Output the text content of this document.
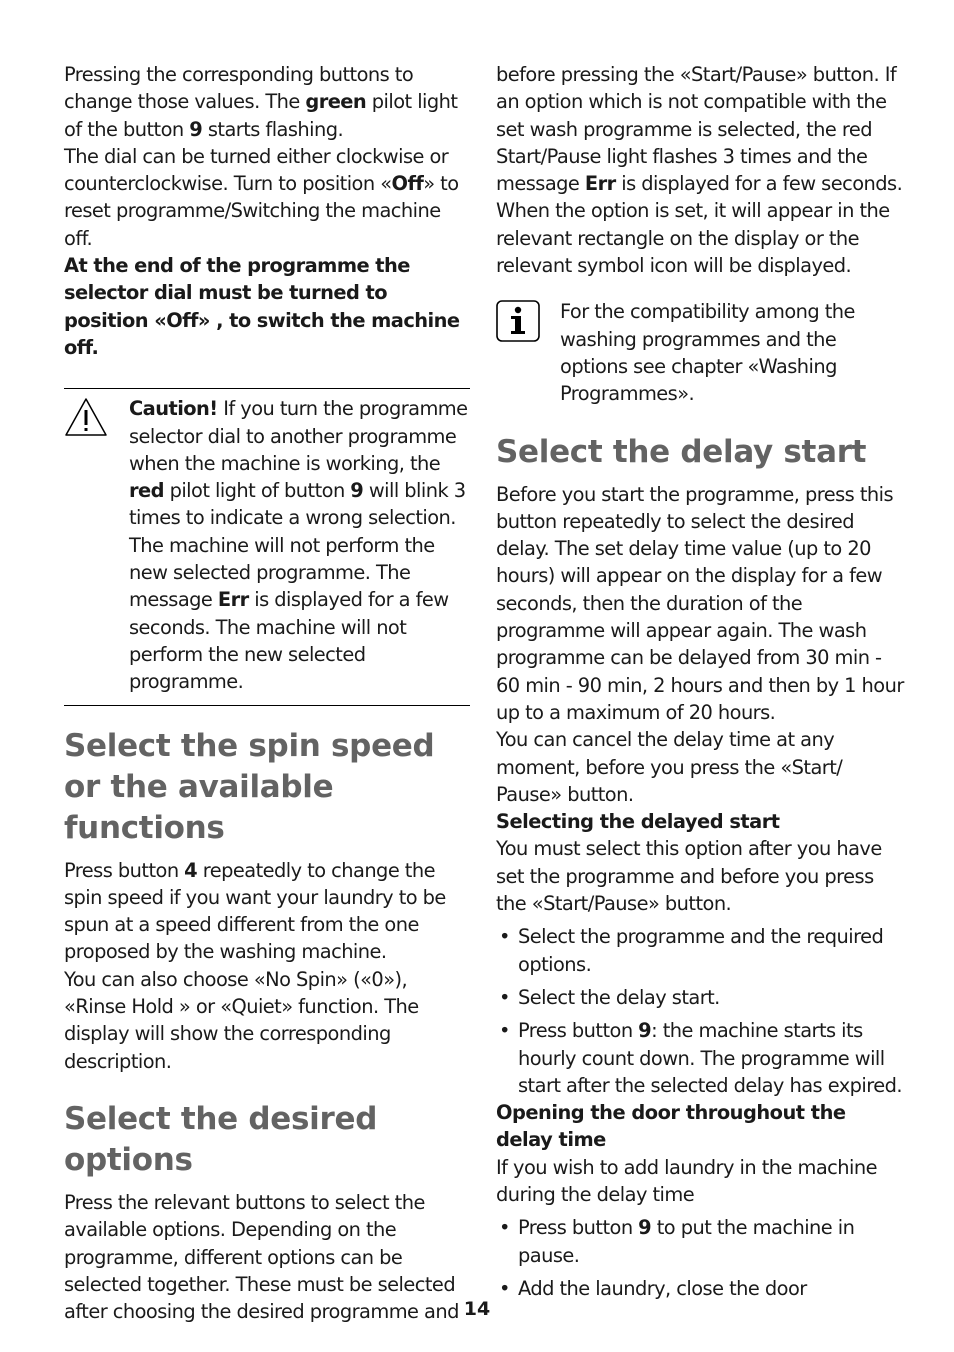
Pressing the corresponding buttons to change those values. The green pilot light of the button 9 starts flashing.

The dial can be turned either clockwise or counterclockwise. Turn to position «Off» to reset programme/Switching the machine off.

At the end of the programme the selector dial must be turned to position «Off» , to switch the machine off.

Caution! If you turn the programme selector dial to another programme when the machine is working, the red pilot light of button 9 will blink 3 times to indicate a wrong selection. The machine will not perform the new selected programme. The message Err is displayed for a few seconds. The machine will not perform the new selected programme.

Select the spin speed or the available functions

Press button 4 repeatedly to change the spin speed if you want your laundry to be spun at a speed different from the one proposed by the washing machine.

You can also choose «No Spin» («0»), «Rinse Hold » or «Quiet» function. The display will show the corresponding description.

Select the desired options

Press the relevant buttons to select the available options. Depending on the programme, different options can be selected together. These must be selected after choosing the desired programme and

before pressing the «Start/Pause» button. If an option which is not compatible with the set wash programme is selected, the red Start/Pause light flashes 3 times and the message Err is displayed for a few seconds. When the option is set, it will appear in the relevant rectangle on the display or the relevant symbol icon will be displayed.

For the compatibility among the washing programmes and the options see chapter «Washing Programmes».

Select the delay start

Before you start the programme, press this button repeatedly to select the desired delay. The set delay time value (up to 20 hours) will appear on the display for a few seconds, then the duration of the programme will appear again. The wash programme can be delayed from 30 min - 60 min - 90 min, 2 hours and then by 1 hour up to a maximum of 20 hours.

You can cancel the delay time at any moment, before you press the «Start/ Pause» button.

Selecting the delayed start

You must select this option after you have set the programme and before you press the «Start/Pause» button.

• Select the programme and the required options.
• Select the delay start.
• Press button 9: the machine starts its hourly count down. The programme will start after the selected delay has expired.
Opening the door throughout the delay time

If you wish to add laundry in the machine during the delay time

• Press button 9 to put the machine in pause.
• Add the laundry, close the door
14
